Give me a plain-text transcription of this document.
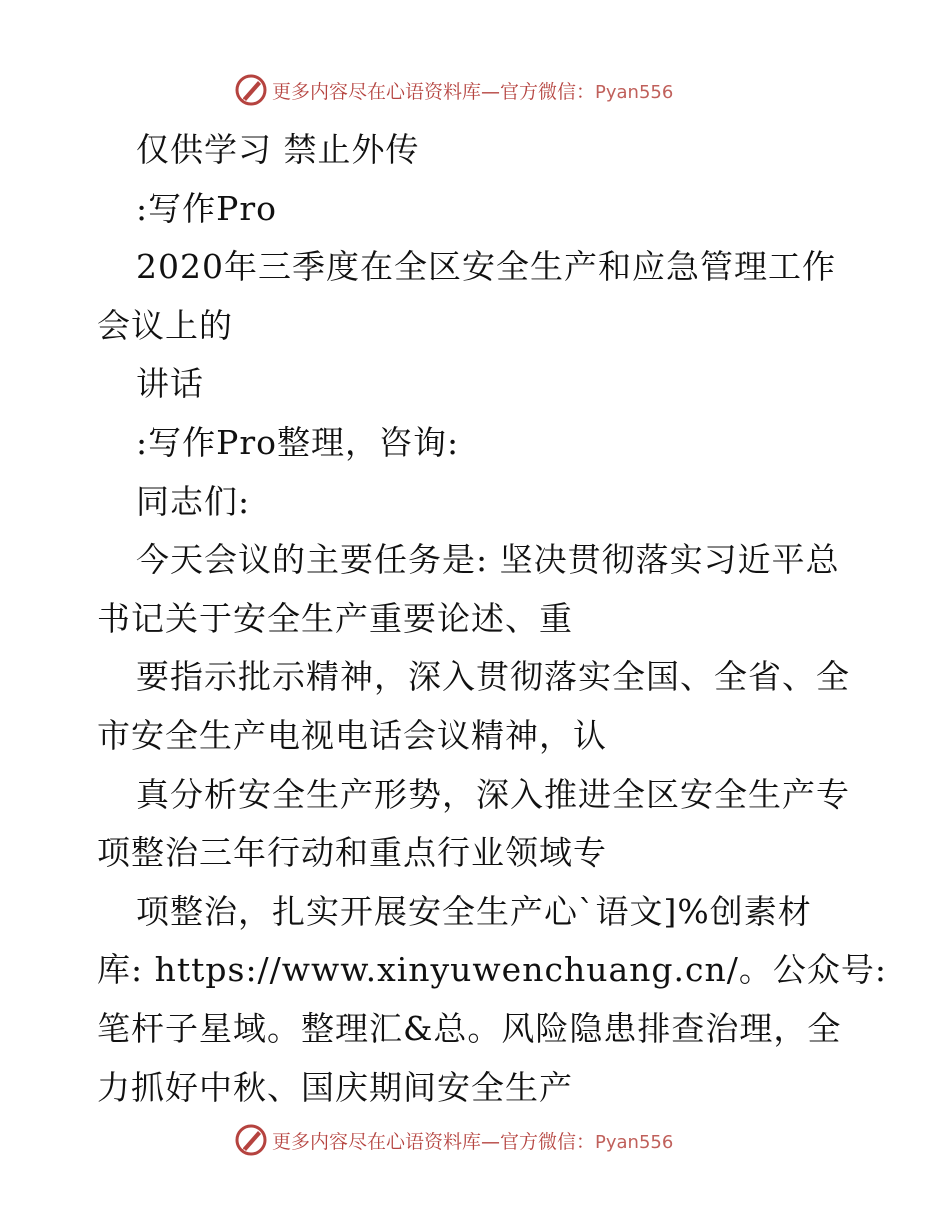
更多内容尽在心语资料库—官方微信：Pyan556
仅供学习 禁止外传
:写作Pro
2020年三季度在全区安全生产和应急管理工作
会议上的
讲话
:写作Pro整理，咨询:
同志们:
今天会议的主要任务是: 坚决贯彻落实习近平总
书记关于安全生产重要论述、重
要指示批示精神，深入贯彻落实全国、全省、全
市安全生产电视电话会议精神，认
真分析安全生产形势，深入推进全区安全生产专
项整治三年行动和重点行业领域专
项整治，扎实开展安全生产心`语文]%创素材
库: https://www.xinyuwenchuang.cn/。公众号:
笔杆子星域。整理汇&总。风险隐患排查治理，全
力抓好中秋、国庆期间安全生产
更多内容尽在心语资料库—官方微信：Pyan556
